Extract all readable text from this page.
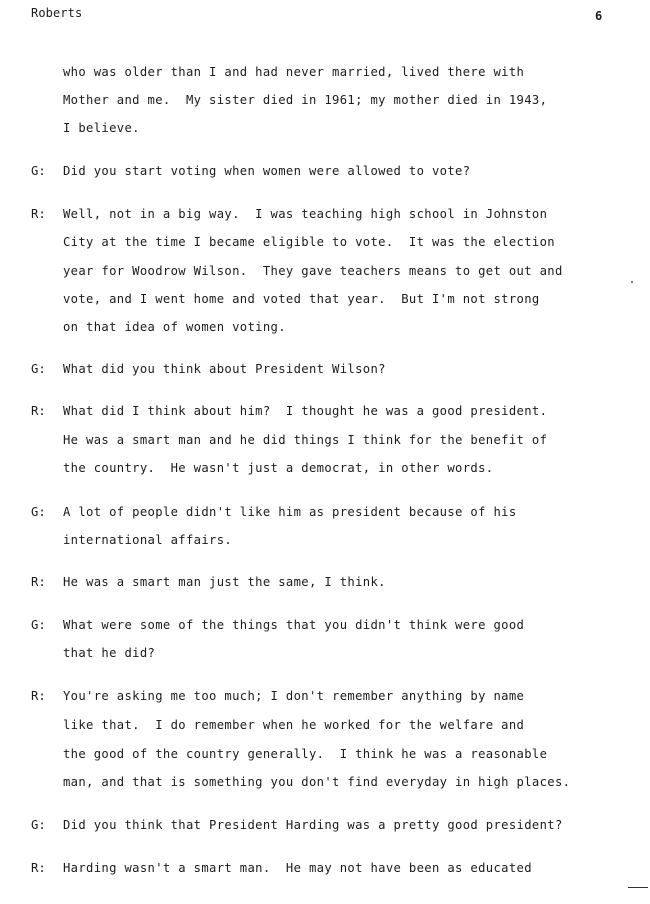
Roberts	6
G:
R:
G:
R:
G:
R:
G:
R:
G:
R:
who was older than I and had never married, lived there with
Mother and me.  My sister died in 1961; my mother died in 1943,
I believe.
Did you start voting when women were allowed to vote?
Well, not in a big way.  I was teaching high school in Johnston
City at the time I became eligible to vote.  It was the election
year for Woodrow Wilson.  They gave teachers means to get out and
vote, and I went home and voted that year.  But I'm not strong
on that idea of women voting.
What did you think about President Wilson?
What did I think about him?  I thought he was a good president.
He was a smart man and he did things I think for the benefit of
the country.  He wasn't just a democrat, in other words.
A lot of people didn't like him as president because of his
international affairs.
He was a smart man just the same, I think.
What were some of the things that you didn't think were good
that he did?
You're asking me too much; I don't remember anything by name
like that.  I do remember when he worked for the welfare and
the good of the country generally.  I think he was a reasonable
man, and that is something you don't find everyday in high places.
Did you think that President Harding was a pretty good president?
Harding wasn't a smart man.  He may not have been as educated
